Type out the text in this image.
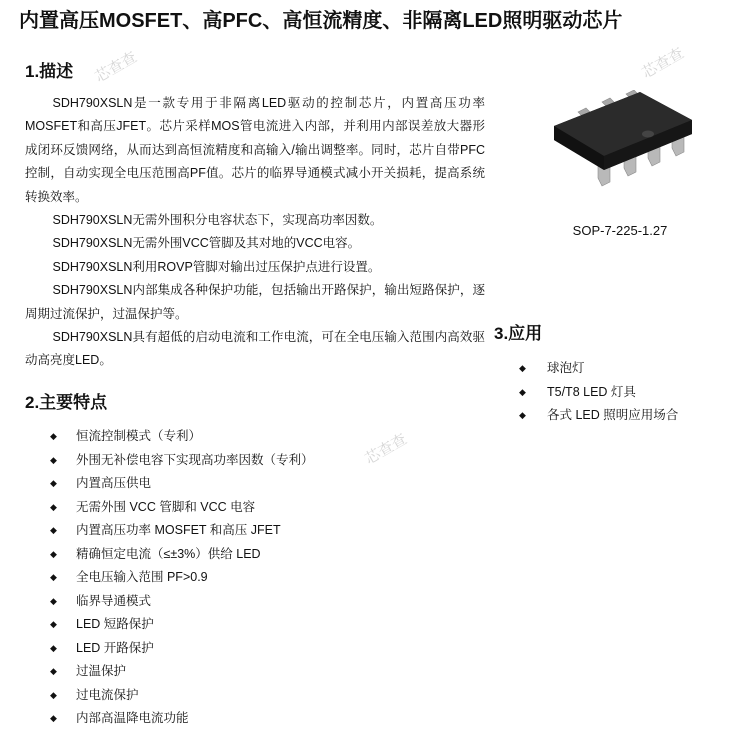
内置高压MOSFET、高PFC、高恒流精度、非隔离LED照明驱动芯片
芯查查	芯查查
芯查查
1.描述

SDH790XSLN是一款专用于非隔离LED驱动的控制芯片，内置高压功率MOSFET和高压JFET。芯片采样MOS管电流进入内部，并利用内部误差放大器形成闭环反馈网络，从而达到高恒流精度和高输入/输出调整率。同时，芯片自带PFC控制，自动实现全电压范围高PF值。芯片的临界导通模式减小开关损耗，提高系统转换效率。

SDH790XSLN无需外围积分电容状态下，实现高功率因数。

SDH790XSLN无需外围VCC管脚及其对地的VCC电容。

SDH790XSLN利用ROVP管脚对输出过压保护点进行设置。

SDH790XSLN内部集成各种保护功能，包括输出开路保护，输出短路保护，逐周期过流保护，过温保护等。

SDH790XSLN具有超低的启动电流和工作电流，可在全电压输入范围内高效驱动高亮度LED。

SOP-7-225-1.27
2.主要特点
◆	恒流控制模式（专利）
◆	外围无补偿电容下实现高功率因数（专利）
◆	内置高压供电
◆	无需外围 VCC 管脚和 VCC 电容
◆	内置高压功率 MOSFET 和高压 JFET
◆	精确恒定电流（≤±3%）供给 LED
◆	全电压输入范围 PF>0.9
◆	临界导通模式
◆	LED 短路保护
◆	LED 开路保护
◆	过温保护
◆	过电流保护
◆	内部高温降电流功能
3.应用
◆	球泡灯
◆	T5/T8 LED 灯具
◆	各式 LED 照明应用场合
